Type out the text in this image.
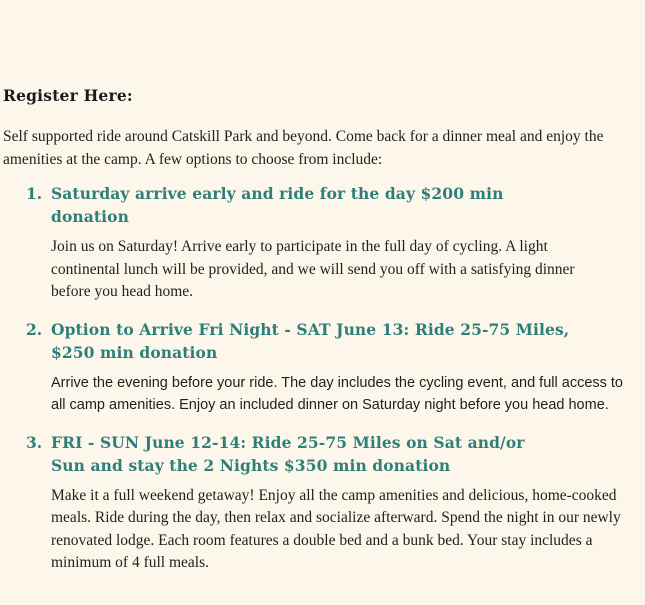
Register Here:

Self supported ride around Catskill Park and beyond. Come back for a dinner meal and enjoy the amenities at the camp. A few options to choose from include:

1. Saturday arrive early and ride for the day $200 min donation

Join us on Saturday! Arrive early to participate in the full day of cycling. A light continental lunch will be provided, and we will send you off with a satisfying dinner before you head home.

2. Option to Arrive Fri Night - SAT June 13: Ride 25-75 Miles, $250 min donation

Arrive the evening before your ride. The day includes the cycling event, and full access to all camp amenities. Enjoy an included dinner on Saturday night before you head home.

3. FRI - SUN June 12-14: Ride 25-75 Miles on Sat and/or Sun and stay the 2 Nights $350 min donation

Make it a full weekend getaway! Enjoy all the camp amenities and delicious, home-cooked meals. Ride during the day, then relax and socialize afterward. Spend the night in our newly renovated lodge. Each room features a double bed and a bunk bed. Your stay includes a minimum of 4 full meals.
